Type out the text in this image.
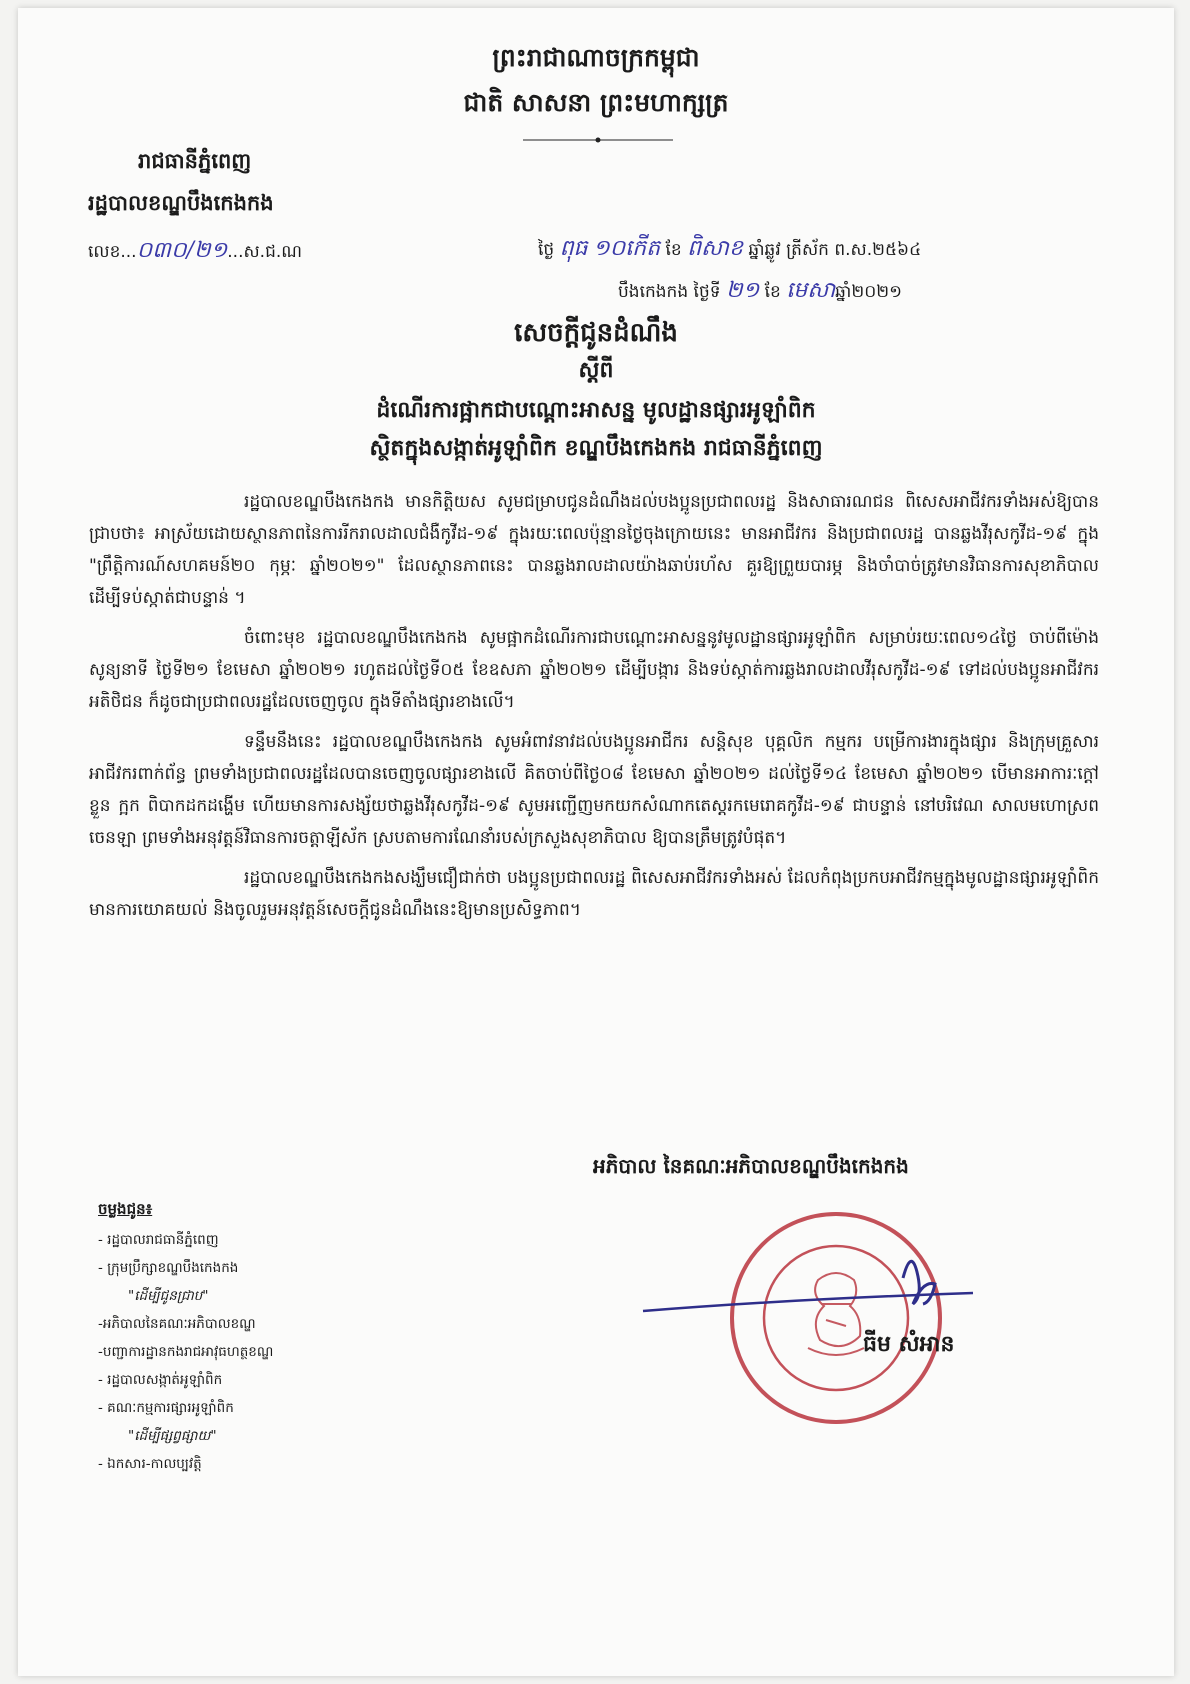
ព្រះរាជាណាចក្រកម្ពុជា
ជាតិ សាសនា ព្រះមហាក្សត្រ
រាជធានីភ្នំពេញ
រដ្ឋបាលខណ្ឌបឹងកេងកង
លេខ...០៣០/២១...ស.ជ.ណ	ថ្ងៃ ពុធ ១០កើត ខែ ពិសាខ ឆ្នាំឆ្លូវ ត្រីស័ក ព.ស.២៥៦៤
បឹងកេងកង ថ្ងៃទី ២១ ខែ មេសាឆ្នាំ២០២១
សេចក្តីជូនដំណឹង
ស្តីពី
ដំណើរការផ្អាកជាបណ្តោះអាសន្ន មូលដ្ឋានផ្សារអូឡាំពិក
ស្ថិតក្នុងសង្កាត់អូឡាំពិក ខណ្ឌបឹងកេងកង រាជធានីភ្នំពេញ

រដ្ឋបាលខណ្ឌបឹងកេងកង មានកិត្តិយស សូមជម្រាបជូនដំណឹងដល់បងប្អូនប្រជាពលរដ្ឋ និងសាធារណជន ពិសេសអាជីវករទាំងអស់ឱ្យបានជ្រាបថា៖ អាស្រ័យដោយស្ថានភាពនៃការរីករាលដាលជំងឺកូវីដ-១៩ ក្នុងរយៈពេលប៉ុន្មានថ្ងៃចុងក្រោយនេះ មានអាជីវករ និងប្រជាពលរដ្ឋ បានឆ្លងវីរុសកូវីដ-១៩ ក្នុង "ព្រឹត្តិការណ៍សហគមន៍២០ កុម្ភៈ ឆ្នាំ២០២១" ដែលស្ថានភាពនេះ បានឆ្លងរាលដាលយ៉ាងឆាប់រហ័ស គួរឱ្យព្រួយបារម្ភ និងចាំបាច់ត្រូវមានវិធានការសុខាភិបាល ដើម្បីទប់ស្កាត់ជាបន្ទាន់ ។

ចំពោះមុខ រដ្ឋបាលខណ្ឌបឹងកេងកង សូមផ្អាកដំណើរការជាបណ្តោះអាសន្ននូវមូលដ្ឋានផ្សារអូឡាំពិក សម្រាប់រយៈពេល១៤ថ្ងៃ ចាប់ពីម៉ោងសូន្យនាទី ថ្ងៃទី២១ ខែមេសា ឆ្នាំ២០២១ រហូតដល់ថ្ងៃទី០៥ ខែឧសភា ឆ្នាំ២០២១ ដើម្បីបង្ការ និងទប់ស្កាត់ការឆ្លងរាលដាលវីរុសកូវីដ-១៩ ទៅដល់បងប្អូនអាជីវករ អតិថិជន ក៏ដូចជាប្រជាពលរដ្ឋដែលចេញចូល ក្នុងទីតាំងផ្សារខាងលើ។

ទន្ទឹមនឹងនេះ រដ្ឋបាលខណ្ឌបឹងកេងកង សូមអំពាវនាវដល់បងប្អូនអាជីករ សន្តិសុខ បុគ្គលិក កម្មករ បម្រើការងារក្នុងផ្សារ និងក្រុមគ្រួសារអាជីវករពាក់ព័ន្ធ ព្រមទាំងប្រជាពលរដ្ឋដែលបានចេញចូលផ្សារខាងលើ គិតចាប់ពីថ្ងៃ០៨ ខែមេសា ឆ្នាំ២០២១ ដល់ថ្ងៃទី១៤ ខែមេសា ឆ្នាំ២០២១ បើមានអាការៈក្តៅខ្លួន ក្អក ពិបាកដកដង្ហើម ហើយមានការសង្ស័យថាឆ្លងវីរុសកូវីដ-១៩ សូមអញ្ជើញមកយកសំណាកតេស្តរកមេរោគកូវីដ-១៩ ជាបន្ទាន់ នៅបរិវេណ សាលមហោស្រពចេនឡា ព្រមទាំងអនុវត្តន៍វិធានការចត្តាឡីស័ក ស្របតាមការណែនាំរបស់ក្រសួងសុខាភិបាល ឱ្យបានត្រឹមត្រូវបំផុត។

រដ្ឋបាលខណ្ឌបឹងកេងកងសង្ឃឹមជឿជាក់ថា បងប្អូនប្រជាពលរដ្ឋ ពិសេសអាជីវករទាំងអស់ ដែលកំពុងប្រកបអាជីវកម្មក្នុងមូលដ្ឋានផ្សារអូឡាំពិក មានការយោគយល់ និងចូលរួមអនុវត្តន៍សេចក្តីជូនដំណឹងនេះឱ្យមានប្រសិទ្ធភាព។

អភិបាល នៃគណៈអភិបាលខណ្ឌបឹងកេងកង
ធីម សំអាន
ចម្លងជូន៖
- រដ្ឋបាលរាជធានីភ្នំពេញ
- ក្រុមប្រឹក្សាខណ្ឌបឹងកេងកង
"ដើម្បីជូនជ្រាប"
-អភិបាលនៃគណៈអភិបាលខណ្ឌ
-បញ្ជាការដ្ឋានកងរាជអាវុធហត្ថខណ្ឌ
- រដ្ឋបាលសង្កាត់អូឡាំពិក
- គណៈកម្មការផ្សារអូឡាំពិក
"ដើម្បីផ្សព្វផ្សាយ"
- ឯកសារ-កាលប្បវត្តិ
